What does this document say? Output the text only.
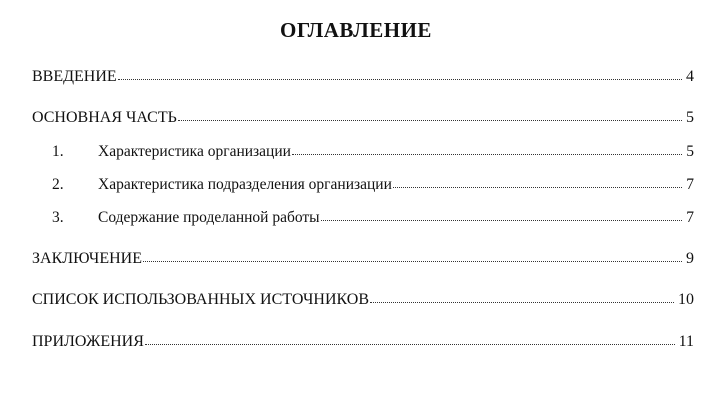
ОГЛАВЛЕНИЕ
ВВЕДЕНИЕ	4
ОСНОВНАЯ ЧАСТЬ	5
1.	Характеристика организации	5
2.	Характеристика подразделения организации	7
3.	Содержание проделанной работы	7
ЗАКЛЮЧЕНИЕ	9
СПИСОК ИСПОЛЬЗОВАННЫХ ИСТОЧНИКОВ	10
ПРИЛОЖЕНИЯ	11
